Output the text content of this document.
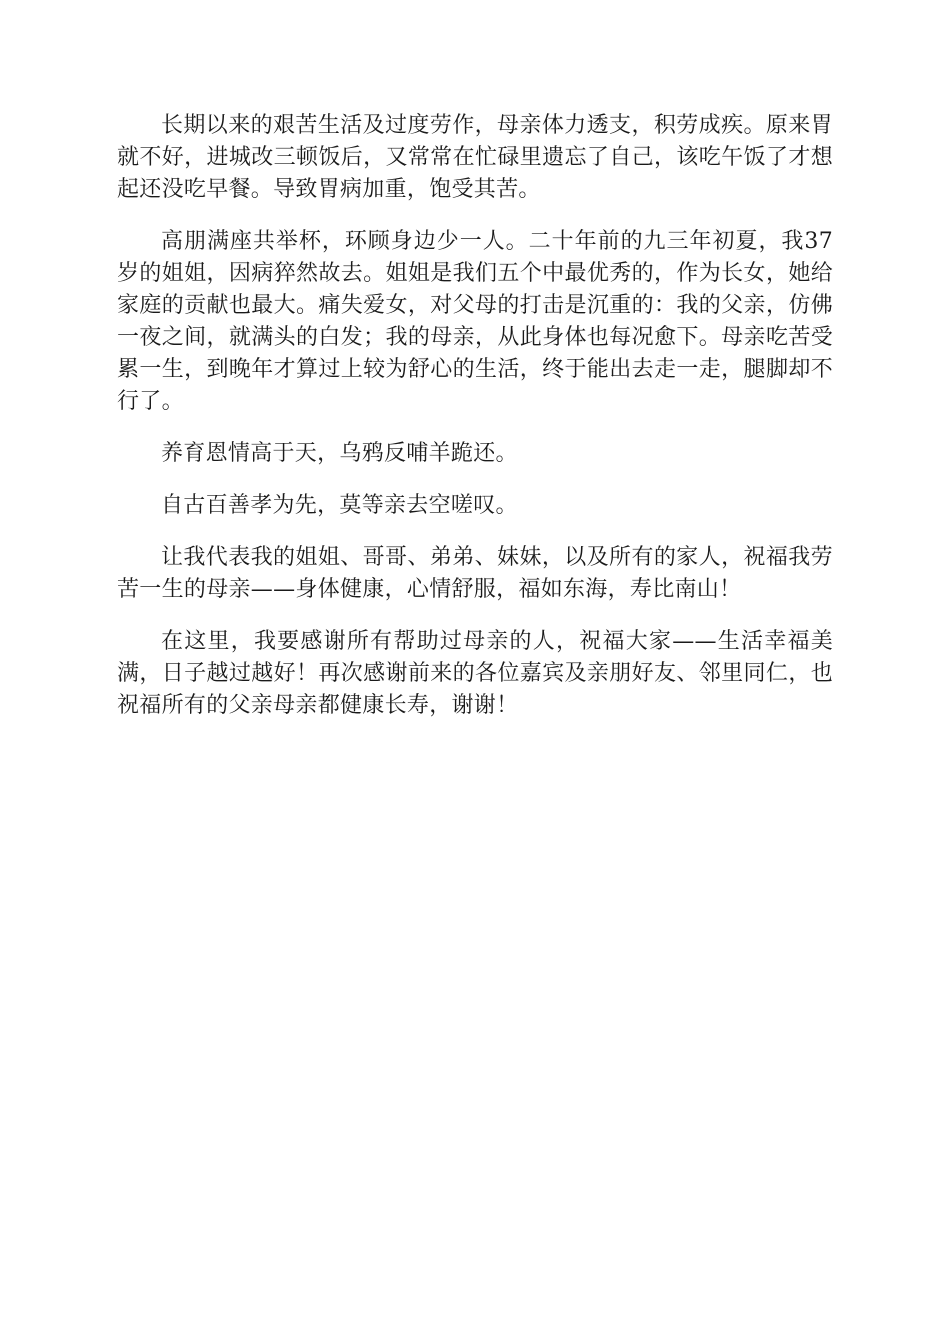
长期以来的艰苦生活及过度劳作，母亲体力透支，积劳成疾。原来胃就不好，进城改三顿饭后，又常常在忙碌里遗忘了自己，该吃午饭了才想起还没吃早餐。导致胃病加重，饱受其苦。

高朋满座共举杯，环顾身边少一人。二十年前的九三年初夏，我37岁的姐姐，因病猝然故去。姐姐是我们五个中最优秀的，作为长女，她给家庭的贡献也最大。痛失爱女，对父母的打击是沉重的：我的父亲，仿佛一夜之间，就满头的白发；我的母亲，从此身体也每况愈下。母亲吃苦受累一生，到晚年才算过上较为舒心的生活，终于能出去走一走，腿脚却不行了。

养育恩情高于天，乌鸦反哺羊跪还。

自古百善孝为先，莫等亲去空嗟叹。

让我代表我的姐姐、哥哥、弟弟、妹妹，以及所有的家人，祝福我劳苦一生的母亲——身体健康，心情舒服，福如东海，寿比南山！

在这里，我要感谢所有帮助过母亲的人，祝福大家——生活幸福美满，日子越过越好！再次感谢前来的各位嘉宾及亲朋好友、邻里同仁，也祝福所有的父亲母亲都健康长寿，谢谢！
